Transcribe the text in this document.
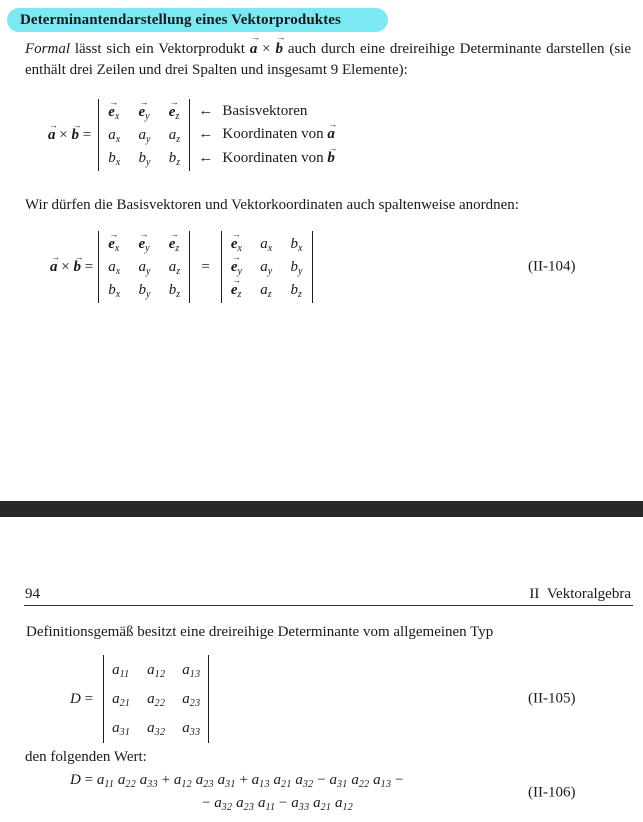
Determinantendarstellung eines Vektorproduktes

Formal lässt sich ein Vektorprodukt a
→
× b
→
auch durch eine dreireihige Determinante darstellen (sie enthält drei Zeilen und drei Spalten und insgesamt 9 Elemente):

a
→
× b
→
=
e
→
$_x$ e
→
$_y$ e
→
$_z$
$a_x$ $a_y$ $a_z$
$b_x$ $b_y$ $b_z$
← Basisvektoren
← Koordinaten von a
→
← Koordinaten von b
→

Wir dürfen die Basisvektoren und Vektorkoordinaten auch spaltenweise anordnen:

a
→
× b
→
=
e
→
$_x$ e
→
$_y$ e
→
$_z$
$a_x$ $a_y$ $a_z$
$b_x$ $b_y$ $b_z$
=
e
→
$_x$ $a_x$ $b_x$
e
→
$_y$ $a_y$ $b_y$
e
→
$_z$ $a_z$ $b_z$
(II-104)
94	II Vektoralgebra

Definitionsgemäß besitzt eine dreireihige Determinante vom allgemeinen Typ

D =
$a_{11}$ $a_{12}$ $a_{13}$
$a_{21}$ $a_{22}$ $a_{23}$
$a_{31}$ $a_{32}$ $a_{33}$
(II-105)

den folgenden Wert:

$D = a_{11}$ $a_{22}$ $a_{33} + a_{12}$ $a_{23}$ $a_{31} + a_{13}$ $a_{21}$ $a_{32} - a_{31}$ $a_{22}$ $a_{13}$ −
− $a_{32}$ $a_{23}$ $a_{11} - a_{33}$ $a_{21}$ $a_{12}$
(II-106)
